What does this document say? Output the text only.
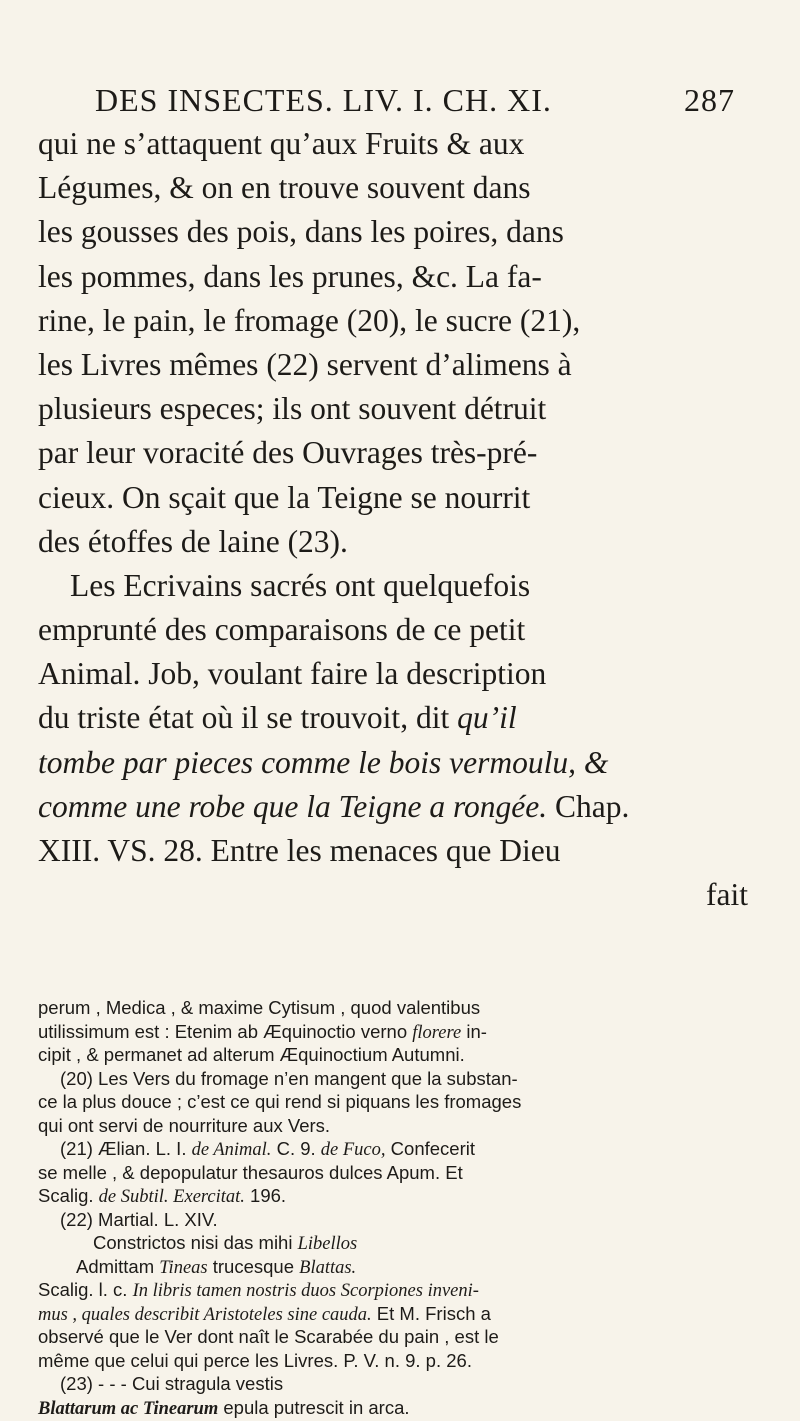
DES INSECTES. LIV. I. CH. XI.	287
qui ne s’attaquent qu’aux Fruits & aux
Légumes, & on en trouve souvent dans
les gousses des pois, dans les poires, dans
les pommes, dans les prunes, &c. La fa-
rine, le pain, le fromage (20), le sucre (21),
les Livres mêmes (22) servent d’alimens à
plusieurs especes; ils ont souvent détruit
par leur voracité des Ouvrages très-pré-
cieux. On sçait que la Teigne se nourrit
des étoffes de laine (23).
Les Ecrivains sacrés ont quelquefois
emprunté des comparaisons de ce petit
Animal. Job, voulant faire la description
du triste état où il se trouvoit, dit qu’il
tombe par pieces comme le bois vermoulu, &
comme une robe que la Teigne a rongée. Chap.
XIII. VS. 28. Entre les menaces que Dieu
fait
perum , Medica , & maxime Cytisum , quod valentibus
utilissimum est : Etenim ab Æquinoctio verno florere in-
cipit , & permanet ad alterum Æquinoctium Autumni.
(20) Les Vers du fromage n’en mangent que la substan-
ce la plus douce ; c’est ce qui rend si piquans les fromages
qui ont servi de nourriture aux Vers.
(21) Ælian. L. I. de Animal. C. 9. de Fuco, Confecerit
se melle , & depopulatur thesauros dulces Apum. Et
Scalig. de Subtil. Exercitat. 196.
(22) Martial. L. XIV.
Constrictos nisi das mihi Libellos
Admittam Tineas trucesque Blattas.
Scalig. l. c. In libris tamen nostris duos Scorpiones inveni-
mus , quales describit Aristoteles sine cauda. Et M. Frisch a
observé que le Ver dont naît le Scarabée du pain , est le
même que celui qui perce les Livres. P. V. n. 9. p. 26.
(23) - - - Cui stragula vestis
Blattarum ac Tinearum epula putrescit in arca.
